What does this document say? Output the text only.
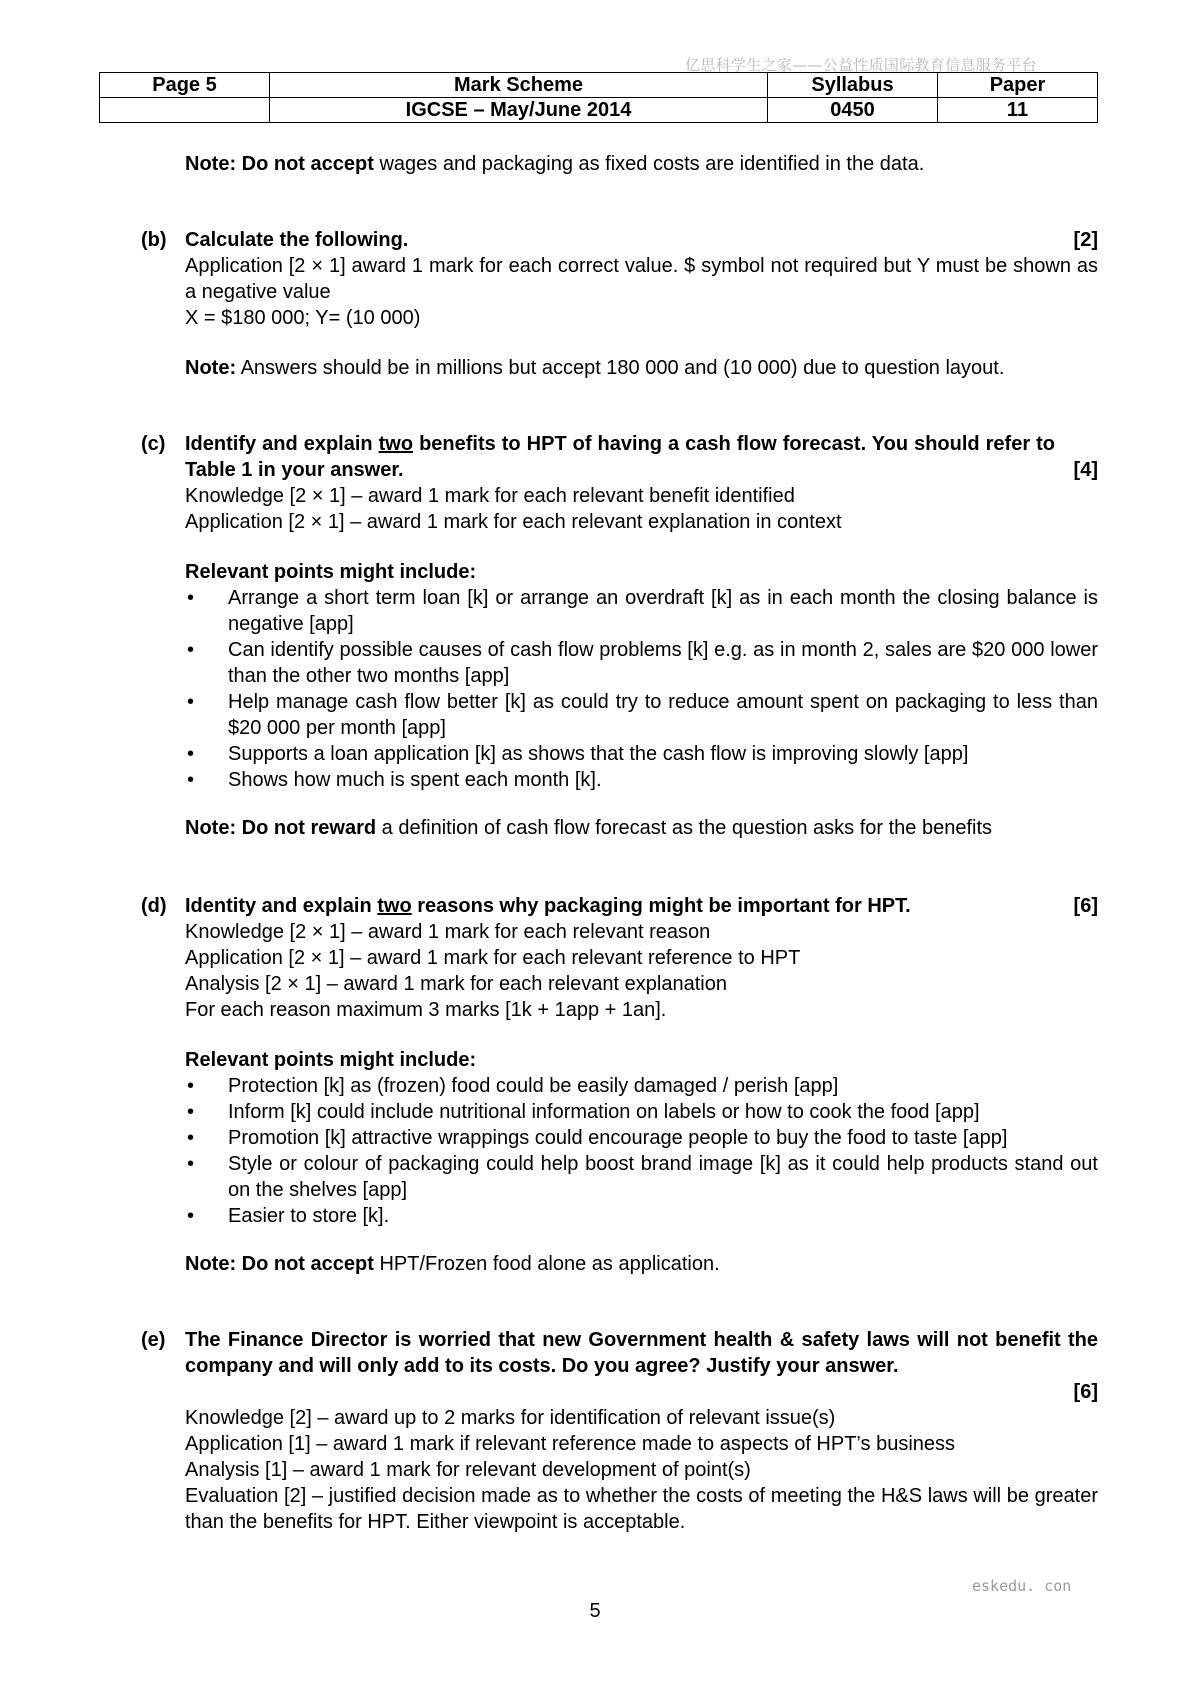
亿思科学生之家——公益性质国际教育信息服务平台
Page 5	Mark Scheme	Syllabus	Paper
	IGCSE – May/June 2014	0450	11
Note: Do not accept wages and packaging as fixed costs are identified in the data.
(b) Calculate the following.	[2]
Application [2 × 1] award 1 mark for each correct value. $ symbol not required but Y must be shown as a negative value
X = $180 000; Y= (10 000)
Note: Answers should be in millions but accept 180 000 and (10 000) due to question layout.
(c) Identify and explain two benefits to HPT of having a cash flow forecast. You should refer to Table 1 in your answer.	[4]
Knowledge [2 × 1] – award 1 mark for each relevant benefit identified
Application [2 × 1] – award 1 mark for each relevant explanation in context
Relevant points might include:
• Arrange a short term loan [k] or arrange an overdraft [k] as in each month the closing balance is negative [app]
• Can identify possible causes of cash flow problems [k] e.g. as in month 2, sales are $20 000 lower than the other two months [app]
• Help manage cash flow better [k] as could try to reduce amount spent on packaging to less than $20 000 per month [app]
• Supports a loan application [k] as shows that the cash flow is improving slowly [app]
• Shows how much is spent each month [k].
Note: Do not reward a definition of cash flow forecast as the question asks for the benefits
(d) Identity and explain two reasons why packaging might be important for HPT.	[6]
Knowledge [2 × 1] – award 1 mark for each relevant reason
Application [2 × 1] – award 1 mark for each relevant reference to HPT
Analysis [2 × 1] – award 1 mark for each relevant explanation
For each reason maximum 3 marks [1k + 1app + 1an].
Relevant points might include:
• Protection [k] as (frozen) food could be easily damaged / perish [app]
• Inform [k] could include nutritional information on labels or how to cook the food [app]
• Promotion [k] attractive wrappings could encourage people to buy the food to taste [app]
• Style or colour of packaging could help boost brand image [k] as it could help products stand out on the shelves [app]
• Easier to store [k].
Note: Do not accept HPT/Frozen food alone as application.
(e) The Finance Director is worried that new Government health & safety laws will not benefit the company and will only add to its costs. Do you agree? Justify your answer.
[6]
Knowledge [2] – award up to 2 marks for identification of relevant issue(s)
Application [1] – award 1 mark if relevant reference made to aspects of HPT’s business
Analysis [1] – award 1 mark for relevant development of point(s)
Evaluation [2] – justified decision made as to whether the costs of meeting the H&S laws will be greater than the benefits for HPT. Either viewpoint is acceptable.
eskedu. con
5
